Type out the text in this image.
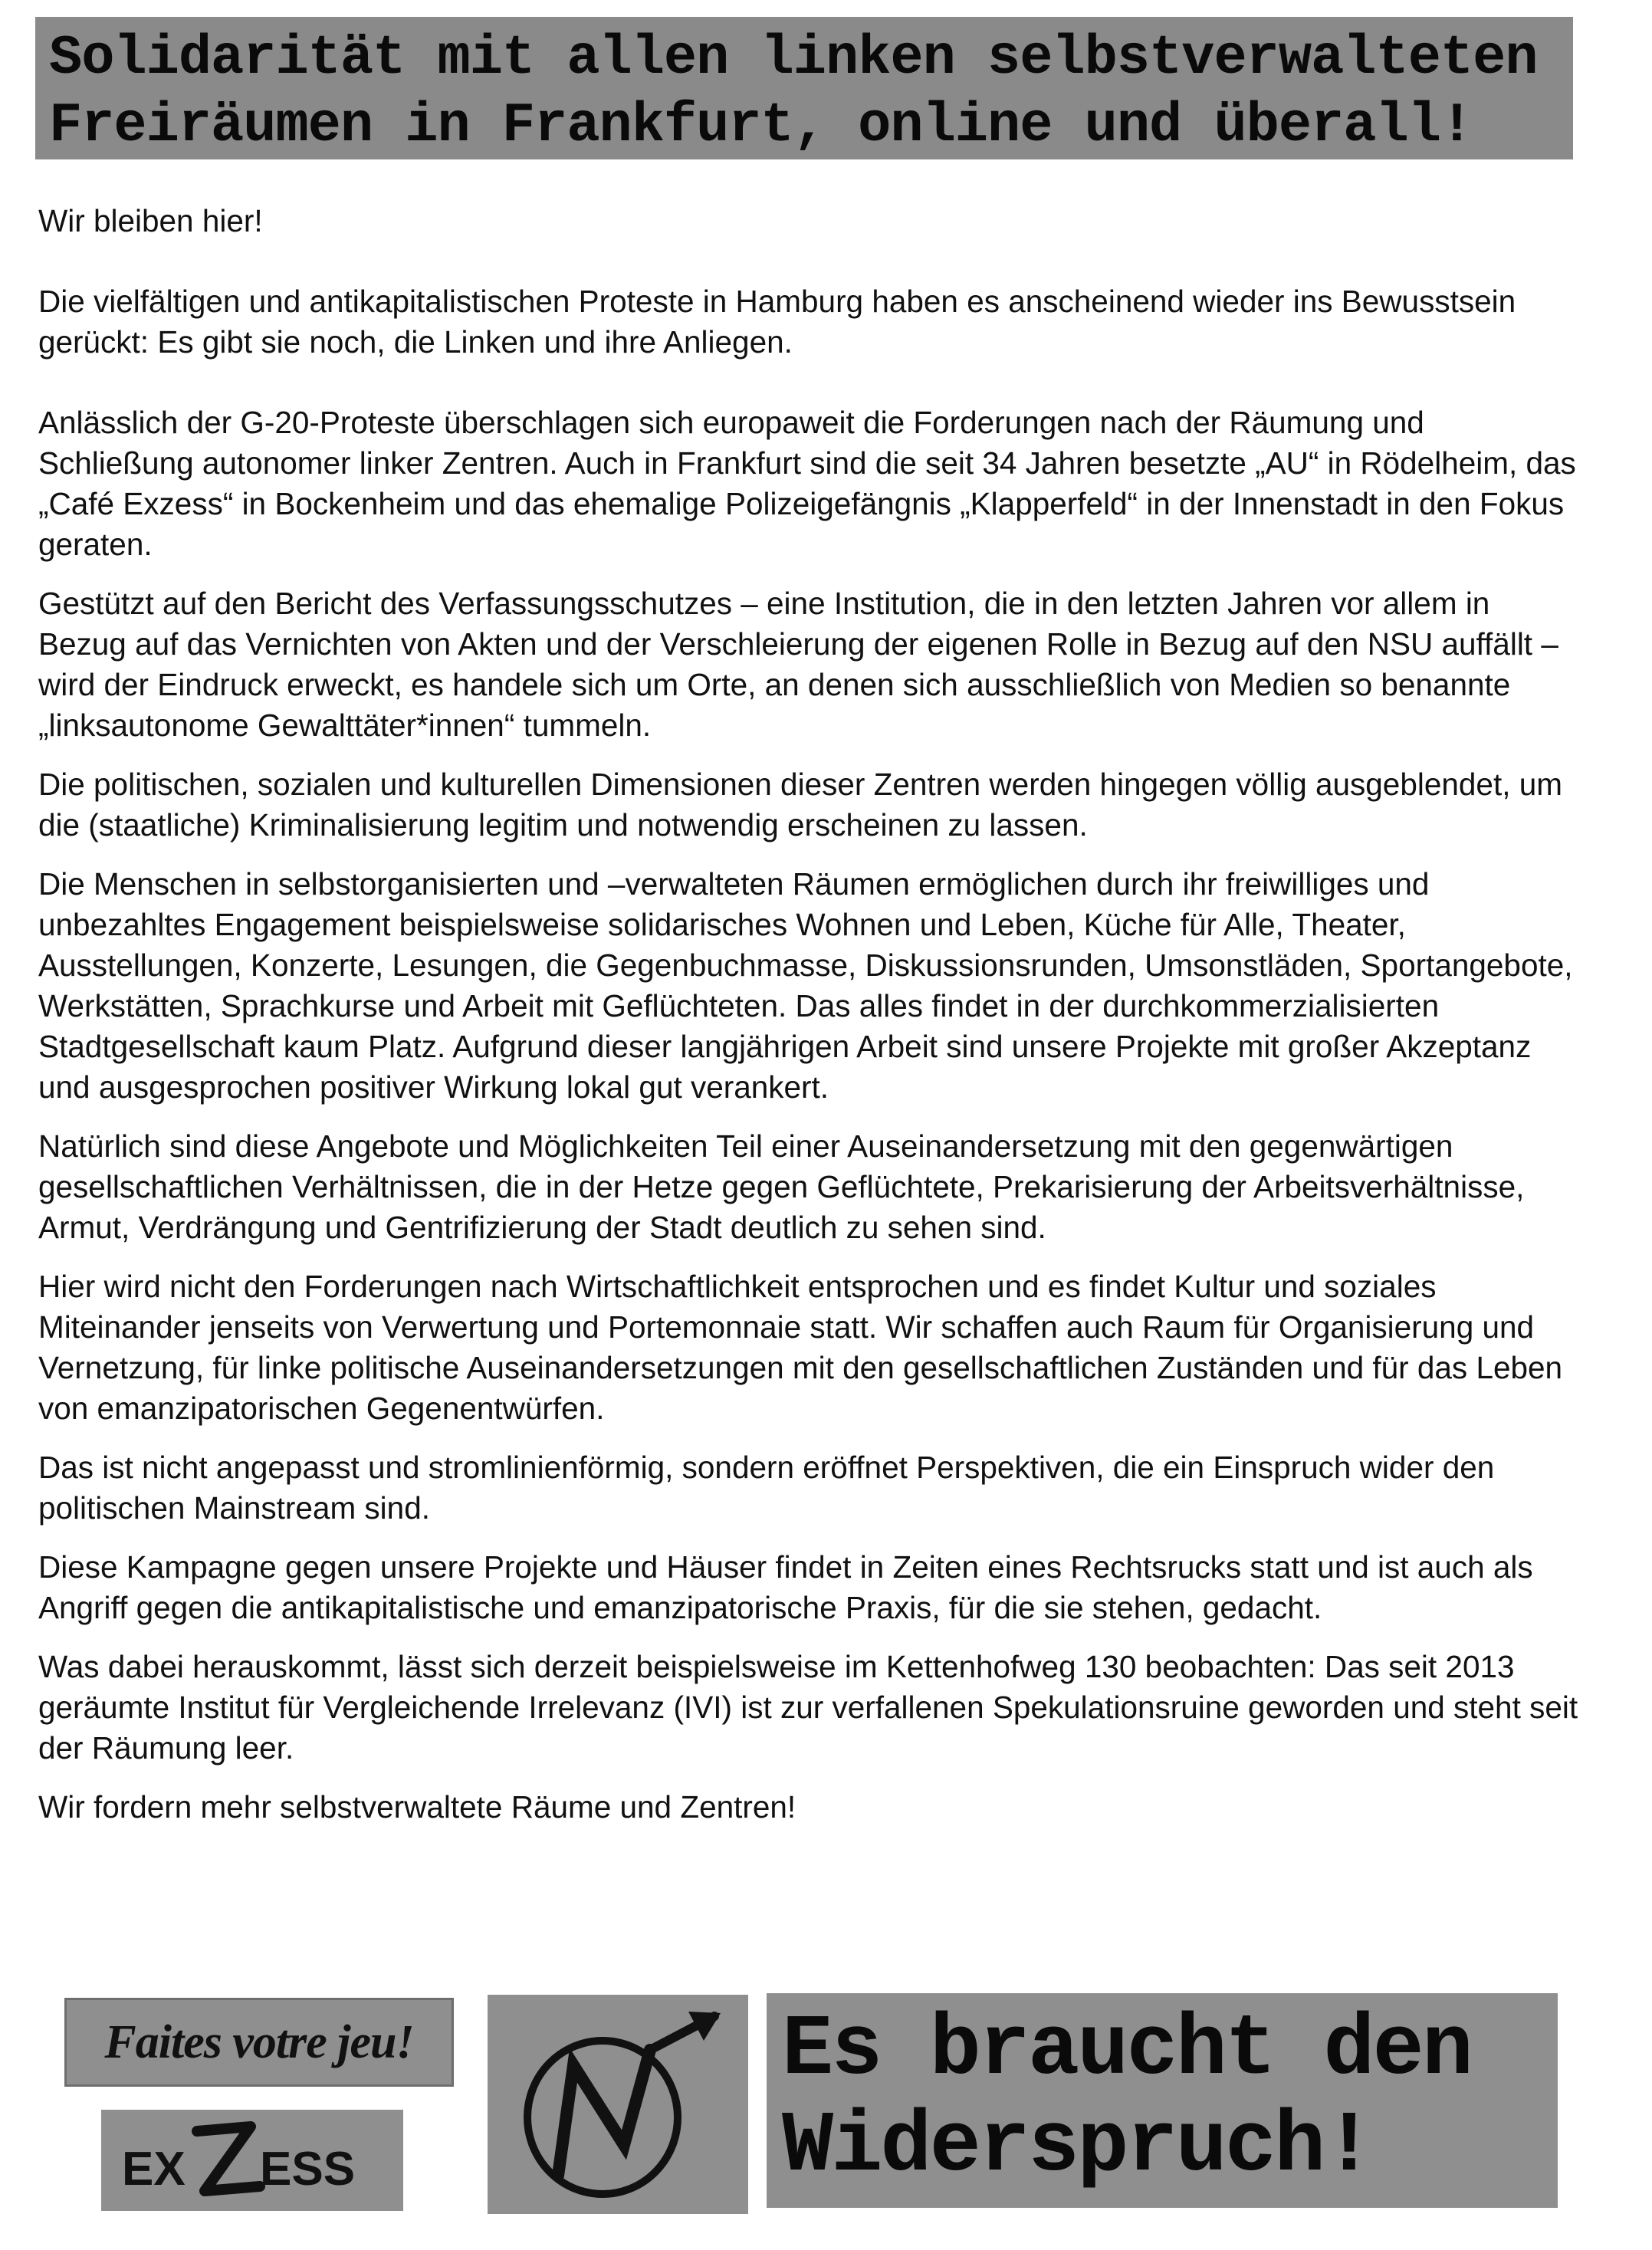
Solidarität mit allen linken selbstverwalteten
Freiräumen in Frankfurt, online und überall!

Wir bleiben hier!

Die vielfältigen und antikapitalistischen Proteste in Hamburg haben es anscheinend wieder ins Bewusstsein gerückt: Es gibt sie noch, die Linken und ihre Anliegen.

Anlässlich der G-20-Proteste überschlagen sich europaweit die Forderungen nach der Räumung und Schließung autonomer linker Zentren. Auch in Frankfurt sind die seit 34 Jahren besetzte „AU“ in Rödelheim, das „Café Exzess“ in Bockenheim und das ehemalige Polizeigefängnis „Klapperfeld“ in der Innenstadt in den Fokus geraten.

Gestützt auf den Bericht des Verfassungsschutzes – eine Institution, die in den letzten Jahren vor allem in Bezug auf das Vernichten von Akten und der Verschleierung der eigenen Rolle in Bezug auf den NSU auffällt – wird der Eindruck erweckt, es handele sich um Orte, an denen sich ausschließlich von Medien so benannte „linksautonome Gewalttäter*innen“ tummeln.

Die politischen, sozialen und kulturellen Dimensionen dieser Zentren werden hingegen völlig ausgeblendet, um die (staatliche) Kriminalisierung legitim und notwendig erscheinen zu lassen.

Die Menschen in selbstorganisierten und –verwalteten Räumen ermöglichen durch ihr freiwilliges und unbezahltes Engagement beispielsweise solidarisches Wohnen und Leben, Küche für Alle, Theater, Ausstellungen, Konzerte, Lesungen, die Gegenbuchmasse, Diskussionsrunden, Umsonstläden, Sportangebote, Werkstätten, Sprachkurse und Arbeit mit Geflüchteten. Das alles findet in der durchkommerzialisierten Stadtgesellschaft kaum Platz. Aufgrund dieser langjährigen Arbeit sind unsere Projekte mit großer Akzeptanz und ausgesprochen positiver Wirkung lokal gut verankert.

Natürlich sind diese Angebote und Möglichkeiten Teil einer Auseinandersetzung mit den gegenwärtigen gesellschaftlichen Verhältnissen, die in der Hetze gegen Geflüchtete, Prekarisierung der Arbeitsverhältnisse, Armut, Verdrängung und Gentrifizierung der Stadt deutlich zu sehen sind.

Hier wird nicht den Forderungen nach Wirtschaftlichkeit entsprochen und es findet Kultur und soziales Miteinander jenseits von Verwertung und Portemonnaie statt. Wir schaffen auch Raum für Organisierung und Vernetzung, für linke politische Auseinandersetzungen mit den gesellschaftlichen Zuständen und für das Leben von emanzipatorischen Gegenentwürfen.

Das ist nicht angepasst und stromlinienförmig, sondern eröffnet Perspektiven, die ein Einspruch wider den politischen Mainstream sind.

Diese Kampagne gegen unsere Projekte und Häuser findet in Zeiten eines Rechtsrucks statt und ist auch als Angriff gegen die antikapitalistische und emanzipatorische Praxis, für die sie stehen, gedacht.

Was dabei herauskommt, lässt sich derzeit beispielsweise im Kettenhofweg 130 beobachten: Das seit 2013 geräumte Institut für Vergleichende Irrelevanz (IVI) ist zur verfallenen Spekulationsruine geworden und steht seit der Räumung leer.

Wir fordern mehr selbstverwaltete Räume und Zentren!

Faites votre jeu!
EX ESS
Es braucht den
Widerspruch!
